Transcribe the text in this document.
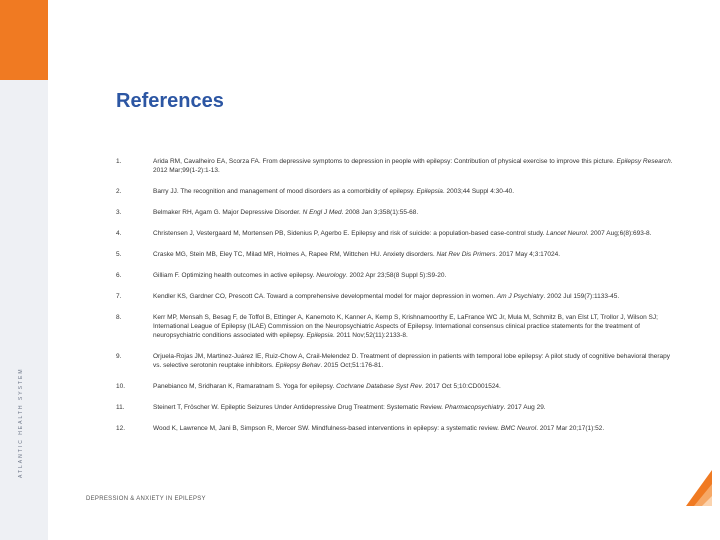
ATLANTIC HEALTH SYSTEM
References
1.	Arida RM, Cavalheiro EA, Scorza FA. From depressive symptoms to depression in people with epilepsy: Contribution of physical exercise to improve this picture. Epilepsy Research. 2012 Mar;99(1-2):1-13.
2.	Barry JJ. The recognition and management of mood disorders as a comorbidity of epilepsy. Epilepsia. 2003;44 Suppl 4:30-40.
3.	Belmaker RH, Agam G. Major Depressive Disorder. N Engl J Med. 2008 Jan 3;358(1):55-68.
4.	Christensen J, Vestergaard M, Mortensen PB, Sidenius P, Agerbo E. Epilepsy and risk of suicide: a population-based case-control study. Lancet Neurol. 2007 Aug;6(8):693-8.
5.	Craske MG, Stein MB, Eley TC, Milad MR, Holmes A, Rapee RM, Wittchen HU. Anxiety disorders. Nat Rev Dis Primers. 2017 May 4;3:17024.
6.	Gilliam F. Optimizing health outcomes in active epilepsy. Neurology. 2002 Apr 23;58(8 Suppl 5):S9-20.
7.	Kendler KS, Gardner CO, Prescott CA. Toward a comprehensive developmental model for major depression in women. Am J Psychiatry. 2002 Jul 159(7):1133-45.
8.	Kerr MP, Mensah S, Besag F, de Toffol B, Ettinger A, Kanemoto K, Kanner A, Kemp S, Krishnamoorthy E, LaFrance WC Jr, Mula M, Schmitz B, van Elst LT, Trollor J, Wilson SJ; International League of Epilepsy (ILAE) Commission on the Neuropsychiatric Aspects of Epilepsy. International consensus clinical practice statements for the treatment of neuropsychiatric conditions associated with epilepsy. Epilepsia. 2011 Nov;52(11):2133-8.
9.	Orjuela-Rojas JM, Martinez-Juárez IE, Ruiz-Chow A, Crail-Melendez D. Treatment of depression in patients with temporal lobe epilepsy: A pilot study of cognitive behavioral therapy vs. selective serotonin reuptake inhibitors. Epilepsy Behav. 2015 Oct;51:176-81.
10.	Panebianco M, Sridharan K, Ramaratnam S. Yoga for epilepsy. Cochrane Database Syst Rev. 2017 Oct 5;10:CD001524.
11.	Steinert T, Fröscher W. Epileptic Seizures Under Antidepressive Drug Treatment: Systematic Review. Pharmacopsychiatry. 2017 Aug 29.
12.	Wood K, Lawrence M, Jani B, Simpson R, Mercer SW. Mindfulness-based interventions in epilepsy: a systematic review. BMC Neurol. 2017 Mar 20;17(1):52.
DEPRESSION & ANXIETY IN EPILEPSY
